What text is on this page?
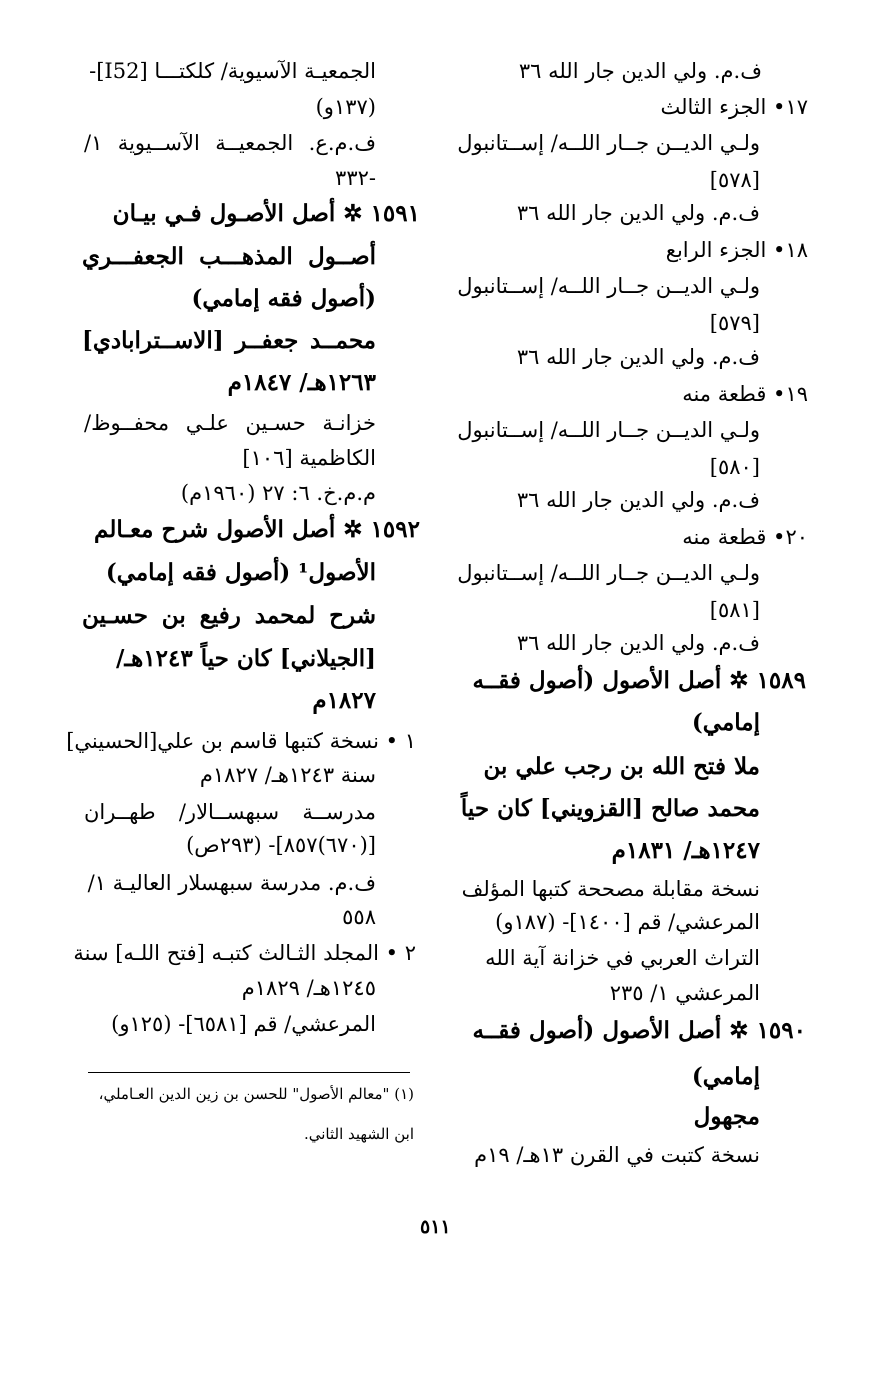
ف.م. ولي الدين جار الله ٣٦
١٧• الجزء الثالث
ولـي الديــن جــار اللــه/ إســتانبول
[٥٧٨]
ف.م. ولي الدين جار الله ٣٦
١٨• الجزء الرابع
ولـي الديــن جــار اللــه/ إســتانبول
[٥٧٩]
ف.م. ولي الدين جار الله ٣٦
١٩• قطعة منه
ولـي الديــن جــار اللــه/ إســتانبول
[٥٨٠]
ف.م. ولي الدين جار الله ٣٦
٢٠• قطعة منه
ولـي الديــن جــار اللــه/ إســتانبول
[٥٨١]
ف.م. ولي الدين جار الله ٣٦
١٥٨٩ ✲ أصل الأصول (أصول فقــه
إمامي)
ملا فتح الله بن رجب علي بن
محمد صالح [القزويني] كان حياً
١٢٤٧هـ/ ١٨٣١م
نسخة مقابلة مصححة كتبها المؤلف
المرعشي/ قم [١٤٠٠]- (١٨٧و)
التراث العربي في خزانة آية الله
المرعشي ١/ ٢٣٥
١٥٩٠ ✲ أصل الأصول (أصول فقــه
إمامي)
مجهول
نسخة كتبت في القرن ١٣هـ/ ١٩م
الجمعيـة الآسيوية/ كلكتـــا [I52]-
(١٣٧و)
ف.م.ع. الجمعيــة الآســيوية ١/
-٣٣٢
١٥٩١ ✲ أصل الأصـول فـي بيـان
أصــول المذهـــب الجعفـــري
(أصول فقه إمامي)
محمــد جعفــر [الاســترابادي]
١٢٦٣هـ/ ١٨٤٧م
خزانـة حسـين علـي محفــوظ/
الكاظمية [١٠٦]
م.م.خ. ٦: ٢٧ (١٩٦٠م)
١٥٩٢ ✲ أصل الأصول شرح معـالم
الأصول¹ (أصول فقه إمامي)
شرح لمحمد رفيع بن حسـين
[الجيلاني] كان حياً ١٢٤٣هـ/
١٨٢٧م
١ • نسخة كتبها قاسم بن علي[الحسيني]
سنة ١٢٤٣هـ/ ١٨٢٧م
مدرســة سبهســالار/ طهــران
[(٦٧٠)٨٥٧]- (٢٩٣ص)
ف.م. مدرسة سبهسلار العاليـة ١/
٥٥٨
٢ • المجلد الثـالث كتبـه [فتح اللـه] سنة
١٢٤٥هـ/ ١٨٢٩م
المرعشي/ قم [٦٥٨١]- (١٢٥و)
(١) "معالم الأصول" للحسن بن زين الدين العـاملي،
ابن الشهيد الثاني.
٥١١
